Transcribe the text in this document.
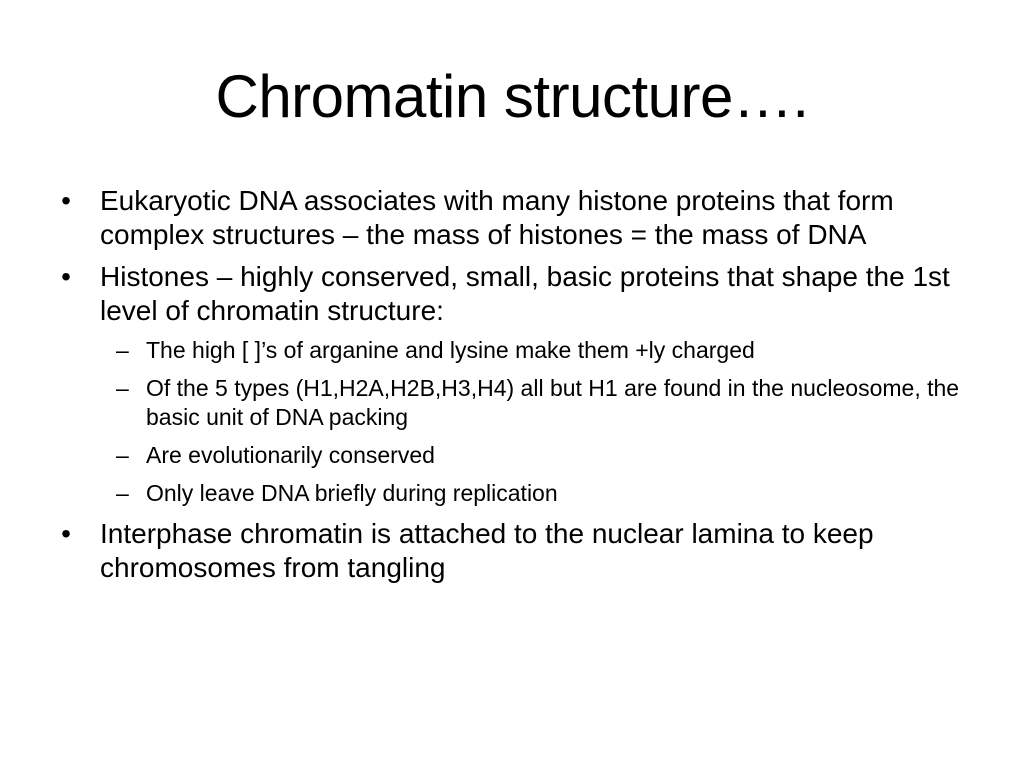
Chromatin structure….
• Eukaryotic DNA associates with many histone proteins that form complex structures – the mass of histones = the mass of DNA
• Histones – highly conserved, small, basic proteins that shape the 1st level of chromatin structure:
– The high [ ]’s of arganine and lysine make them +ly charged
– Of the 5 types (H1,H2A,H2B,H3,H4) all but H1 are found in the nucleosome, the basic unit of DNA packing
– Are evolutionarily conserved
– Only leave DNA briefly during replication
• Interphase chromatin is attached to the nuclear lamina to keep chromosomes from tangling
